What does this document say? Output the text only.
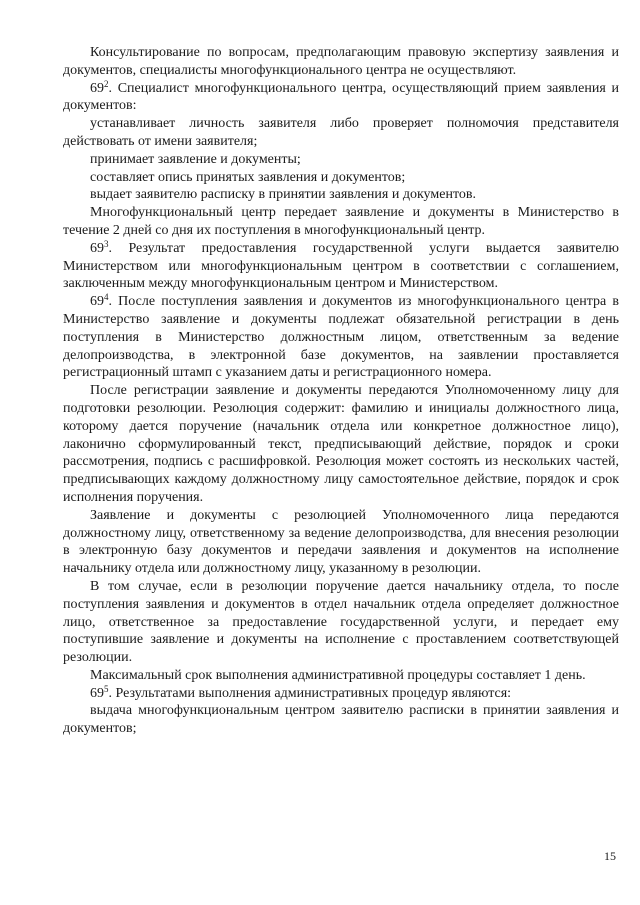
Консультирование по вопросам, предполагающим правовую экспертизу заявления и документов, специалисты многофункционального центра не осуществляют.

$69^2$. Специалист многофункционального центра, осуществляющий прием заявления и документов:

устанавливает личность заявителя либо проверяет полномочия представителя действовать от имени заявителя;

принимает заявление и документы;

составляет опись принятых заявления и документов;

выдает заявителю расписку в принятии заявления и документов.

Многофункциональный центр передает заявление и документы в Министерство в течение 2 дней со дня их поступления в многофункциональный центр.

$69^3$. Результат предоставления государственной услуги выдается заявителю Министерством или многофункциональным центром в соответствии с соглашением, заключенным между многофункциональным центром и Министерством.

$69^4$. После поступления заявления и документов из многофункционального центра в Министерство заявление и документы подлежат обязательной регистрации в день поступления в Министерство должностным лицом, ответственным за ведение делопроизводства, в электронной базе документов, на заявлении проставляется регистрационный штамп с указанием даты и регистрационного номера.

После регистрации заявление и документы передаются Уполномоченному лицу для подготовки резолюции. Резолюция содержит: фамилию и инициалы должностного лица, которому дается поручение (начальник отдела или конкретное должностное лицо), лаконично сформулированный текст, предписывающий действие, порядок и сроки рассмотрения, подпись с расшифровкой. Резолюция может состоять из нескольких частей, предписывающих каждому должностному лицу самостоятельное действие, порядок и срок исполнения поручения.

Заявление и документы с резолюцией Уполномоченного лица передаются должностному лицу, ответственному за ведение делопроизводства, для внесения резолюции в электронную базу документов и передачи заявления и документов на исполнение начальнику отдела или должностному лицу, указанному в резолюции.

В том случае, если в резолюции поручение дается начальнику отдела, то после поступления заявления и документов в отдел начальник отдела определяет должностное лицо, ответственное за предоставление государственной услуги, и передает ему поступившие заявление и документы на исполнение с проставлением соответствующей резолюции.

Максимальный срок выполнения административной процедуры составляет 1 день.

$69^5$. Результатами выполнения административных процедур являются:

выдача многофункциональным центром заявителю расписки в принятии заявления и документов;

15
